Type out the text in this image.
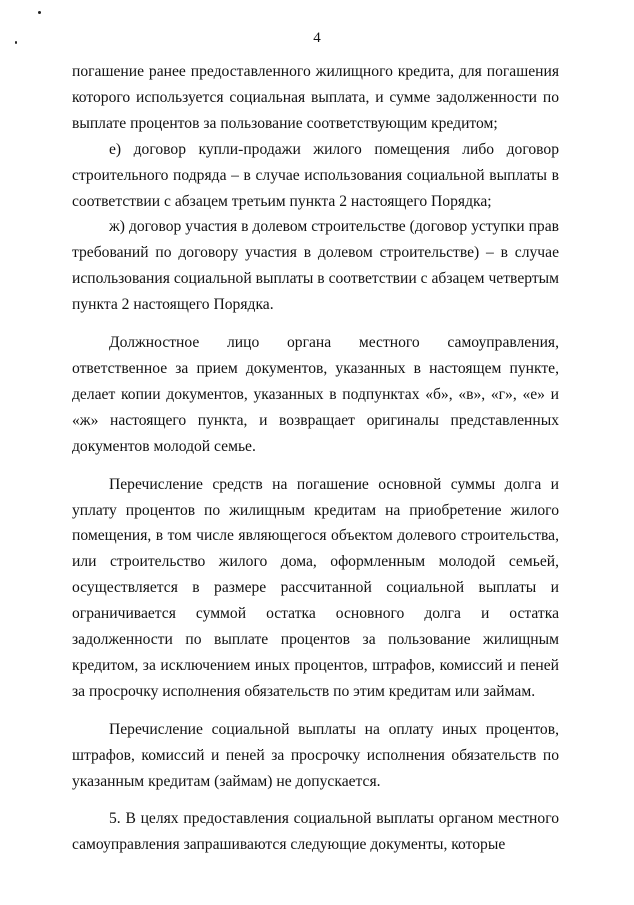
4

погашение ранее предоставленного жилищного кредита, для погашения которого используется социальная выплата, и сумме задолженности по выплате процентов за пользование соответствующим кредитом;

е) договор купли-продажи жилого помещения либо договор строительного подряда – в случае использования социальной выплаты в соответствии с абзацем третьим пункта 2 настоящего Порядка;

ж) договор участия в долевом строительстве (договор уступки прав требований по договору участия в долевом строительстве) – в случае использования социальной выплаты в соответствии с абзацем четвертым пункта 2 настоящего Порядка.

Должностное лицо органа местного самоуправления, ответственное за прием документов, указанных в настоящем пункте, делает копии документов, указанных в подпунктах «б», «в», «г», «е» и «ж» настоящего пункта, и возвращает оригиналы представленных документов молодой семье.

Перечисление средств на погашение основной суммы долга и уплату процентов по жилищным кредитам на приобретение жилого помещения, в том числе являющегося объектом долевого строительства, или строительство жилого дома, оформленным молодой семьей, осуществляется в размере рассчитанной социальной выплаты и ограничивается суммой остатка основного долга и остатка задолженности по выплате процентов за пользование жилищным кредитом, за исключением иных процентов, штрафов, комиссий и пеней за просрочку исполнения обязательств по этим кредитам или займам.

Перечисление социальной выплаты на оплату иных процентов, штрафов, комиссий и пеней за просрочку исполнения обязательств по указанным кредитам (займам) не допускается.

5. В целях предоставления социальной выплаты органом местного самоуправления запрашиваются следующие документы, которые
